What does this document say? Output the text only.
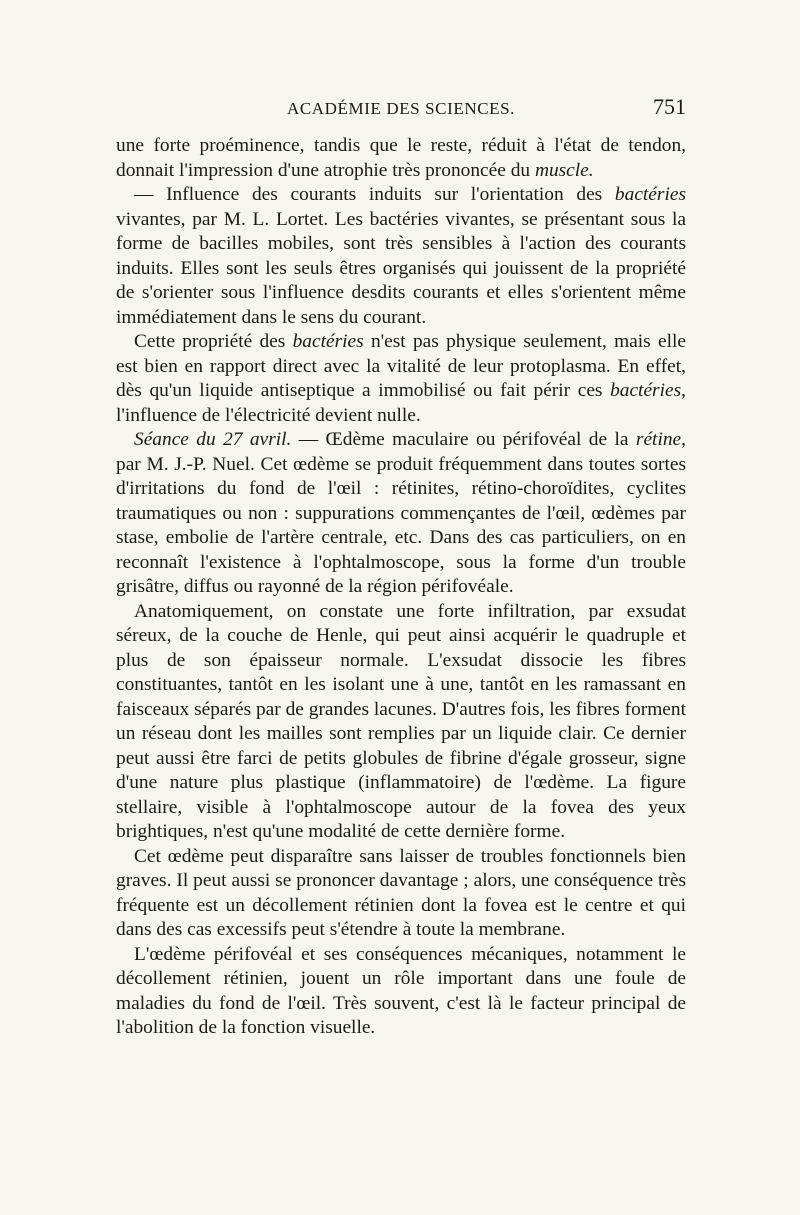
ACADÉMIE DES SCIENCES.	751

une forte proéminence, tandis que le reste, réduit à l'état de tendon, donnait l'impression d'une atrophie très prononcée du muscle.

— Influence des courants induits sur l'orientation des bactéries vivantes, par M. L. Lortet. Les bactéries vivantes, se présentant sous la forme de bacilles mobiles, sont très sensibles à l'action des courants induits. Elles sont les seuls êtres organisés qui jouissent de la propriété de s'orienter sous l'influence desdits courants et elles s'orientent même immédiatement dans le sens du courant.

Cette propriété des bactéries n'est pas physique seulement, mais elle est bien en rapport direct avec la vitalité de leur protoplasma. En effet, dès qu'un liquide antiseptique a immobilisé ou fait périr ces bactéries, l'influence de l'électricité devient nulle.

Séance du 27 avril. — Œdème maculaire ou périfovéal de la rétine, par M. J.-P. Nuel. Cet œdème se produit fréquemment dans toutes sortes d'irritations du fond de l'œil : rétinites, rétino-choroïdites, cyclites traumatiques ou non : suppurations commençantes de l'œil, œdèmes par stase, embolie de l'artère centrale, etc. Dans des cas particuliers, on en reconnaît l'existence à l'ophtalmoscope, sous la forme d'un trouble grisâtre, diffus ou rayonné de la région périfovéale.

Anatomiquement, on constate une forte infiltration, par exsudat séreux, de la couche de Henle, qui peut ainsi acquérir le quadruple et plus de son épaisseur normale. L'exsudat dissocie les fibres constituantes, tantôt en les isolant une à une, tantôt en les ramassant en faisceaux séparés par de grandes lacunes. D'autres fois, les fibres forment un réseau dont les mailles sont remplies par un liquide clair. Ce dernier peut aussi être farci de petits globules de fibrine d'égale grosseur, signe d'une nature plus plastique (inflammatoire) de l'œdème. La figure stellaire, visible à l'ophtalmoscope autour de la fovea des yeux brightiques, n'est qu'une modalité de cette dernière forme.

Cet œdème peut disparaître sans laisser de troubles fonctionnels bien graves. Il peut aussi se prononcer davantage ; alors, une conséquence très fréquente est un décollement rétinien dont la fovea est le centre et qui dans des cas excessifs peut s'étendre à toute la membrane.

L'œdème périfovéal et ses conséquences mécaniques, notamment le décollement rétinien, jouent un rôle important dans une foule de maladies du fond de l'œil. Très souvent, c'est là le facteur principal de l'abolition de la fonction visuelle.
